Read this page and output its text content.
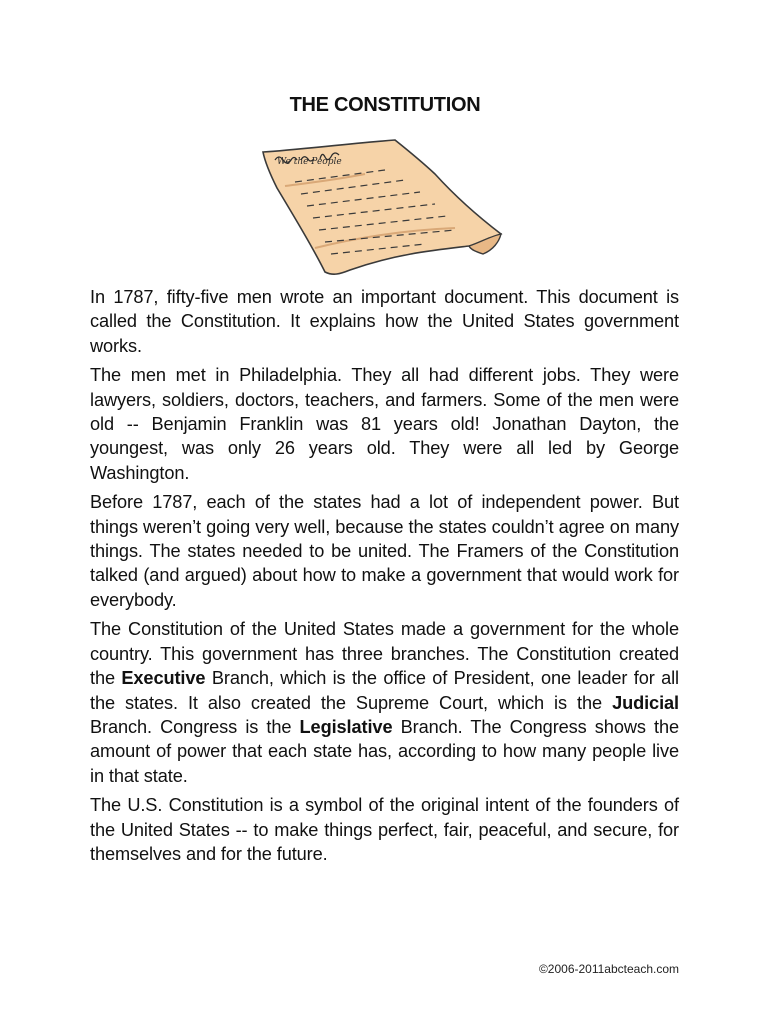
THE CONSTITUTION
We the People

In 1787, fifty-five men wrote an important document. This document is called the Constitution. It explains how the United States government works.

The men met in Philadelphia. They all had different jobs. They were lawyers, soldiers, doctors, teachers, and farmers. Some of the men were old -- Benjamin Franklin was 81 years old! Jonathan Dayton, the youngest, was only 26 years old. They were all led by George Washington.

Before 1787, each of the states had a lot of independent power. But things weren’t going very well, because the states couldn’t agree on many things. The states needed to be united. The Framers of the Constitution talked (and argued) about how to make a government that would work for everybody.

The Constitution of the United States made a government for the whole country. This government has three branches. The Constitution created the Executive Branch, which is the office of President, one leader for all the states. It also created the Supreme Court, which is the Judicial Branch. Congress is the Legislative Branch. The Congress shows the amount of power that each state has, according to how many people live in that state.

The U.S. Constitution is a symbol of the original intent of the founders of the United States -- to make things perfect, fair, peaceful, and secure, for themselves and for the future.

©2006-2011abcteach.com
